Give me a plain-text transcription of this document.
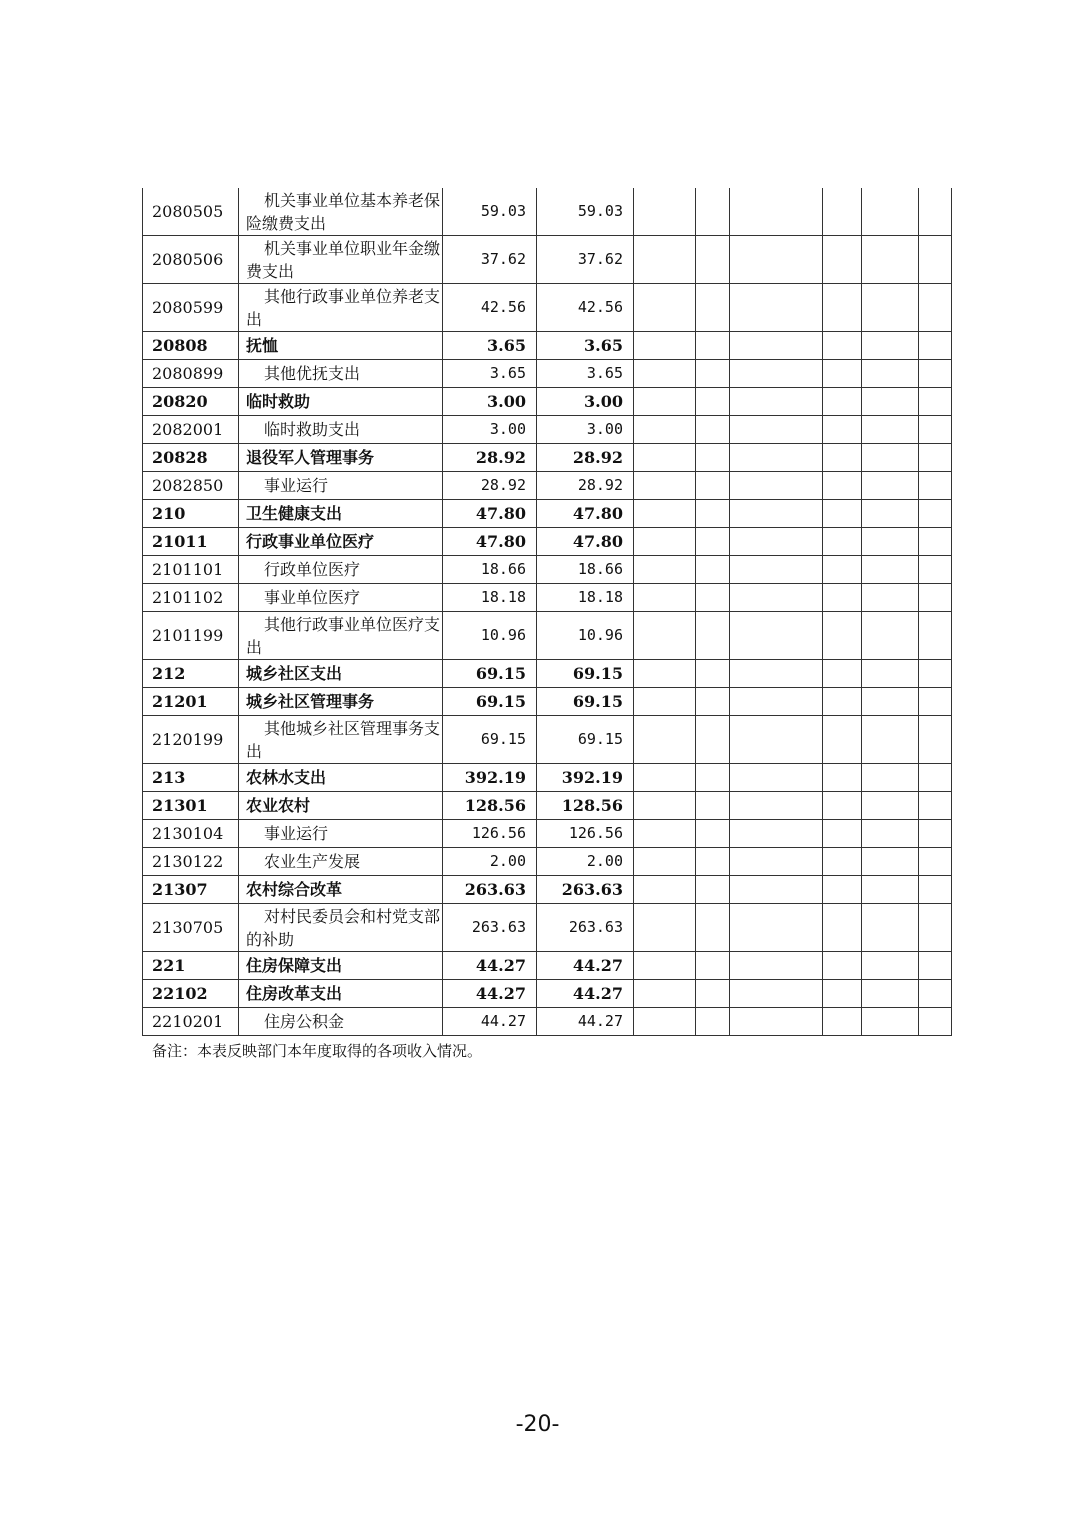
2080505	机关事业单位基本养老保险缴费支出	59.03	59.03						
2080506	机关事业单位职业年金缴费支出	37.62	37.62						
2080599	其他行政事业单位养老支出	42.56	42.56						
20808	抚恤	3.65	3.65						
2080899	其他优抚支出	3.65	3.65						
20820	临时救助	3.00	3.00						
2082001	临时救助支出	3.00	3.00						
20828	退役军人管理事务	28.92	28.92						
2082850	事业运行	28.92	28.92						
210	卫生健康支出	47.80	47.80						
21011	行政事业单位医疗	47.80	47.80						
2101101	行政单位医疗	18.66	18.66						
2101102	事业单位医疗	18.18	18.18						
2101199	其他行政事业单位医疗支出	10.96	10.96						
212	城乡社区支出	69.15	69.15						
21201	城乡社区管理事务	69.15	69.15						
2120199	其他城乡社区管理事务支出	69.15	69.15						
213	农林水支出	392.19	392.19						
21301	农业农村	128.56	128.56						
2130104	事业运行	126.56	126.56						
2130122	农业生产发展	2.00	2.00						
21307	农村综合改革	263.63	263.63						
2130705	对村民委员会和村党支部的补助	263.63	263.63						
221	住房保障支出	44.27	44.27						
22102	住房改革支出	44.27	44.27						
2210201	住房公积金	44.27	44.27						
备注：本表反映部门本年度取得的各项收入情况。
-20-
